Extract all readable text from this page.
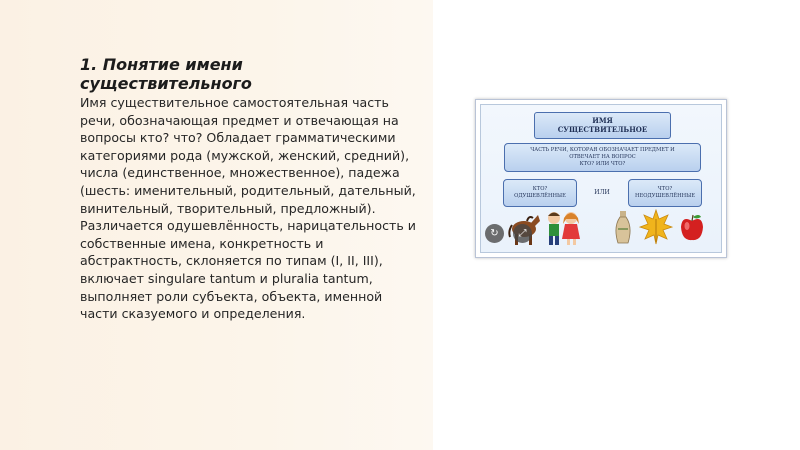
1. Понятие имени существительного

Имя существительное самостоятельная часть речи, обозначающая предмет и отвечающая на вопросы кто? что? Обладает грамматическими категориями рода (мужской, женский, средний), числа (единственное, множественное), падежа (шесть: именительный, родительный, дательный, винительный, творительный, предложный). Различается одушевлённость, нарицательность и собственные имена, конкретность и абстрактность, склоняется по типам (I, II, III), включает singulare tantum и pluralia tantum, выполняет роли субъекта, объекта, именной части сказуемого и определения.

ИМЯ
СУЩЕСТВИТЕЛЬНОЕ
ЧАСТЬ РЕЧИ, КОТОРАЯ ОБОЗНАЧАЕТ ПРЕДМЕТ И
ОТВЕЧАЕТ НА ВОПРОС
КТО? ИЛИ ЧТО?
КТО?
ОДУШЕВЛЁННЫЕ	ИЛИ	ЧТО?
НЕОДУШЕВЛЁННЫЕ
↻	⤢
